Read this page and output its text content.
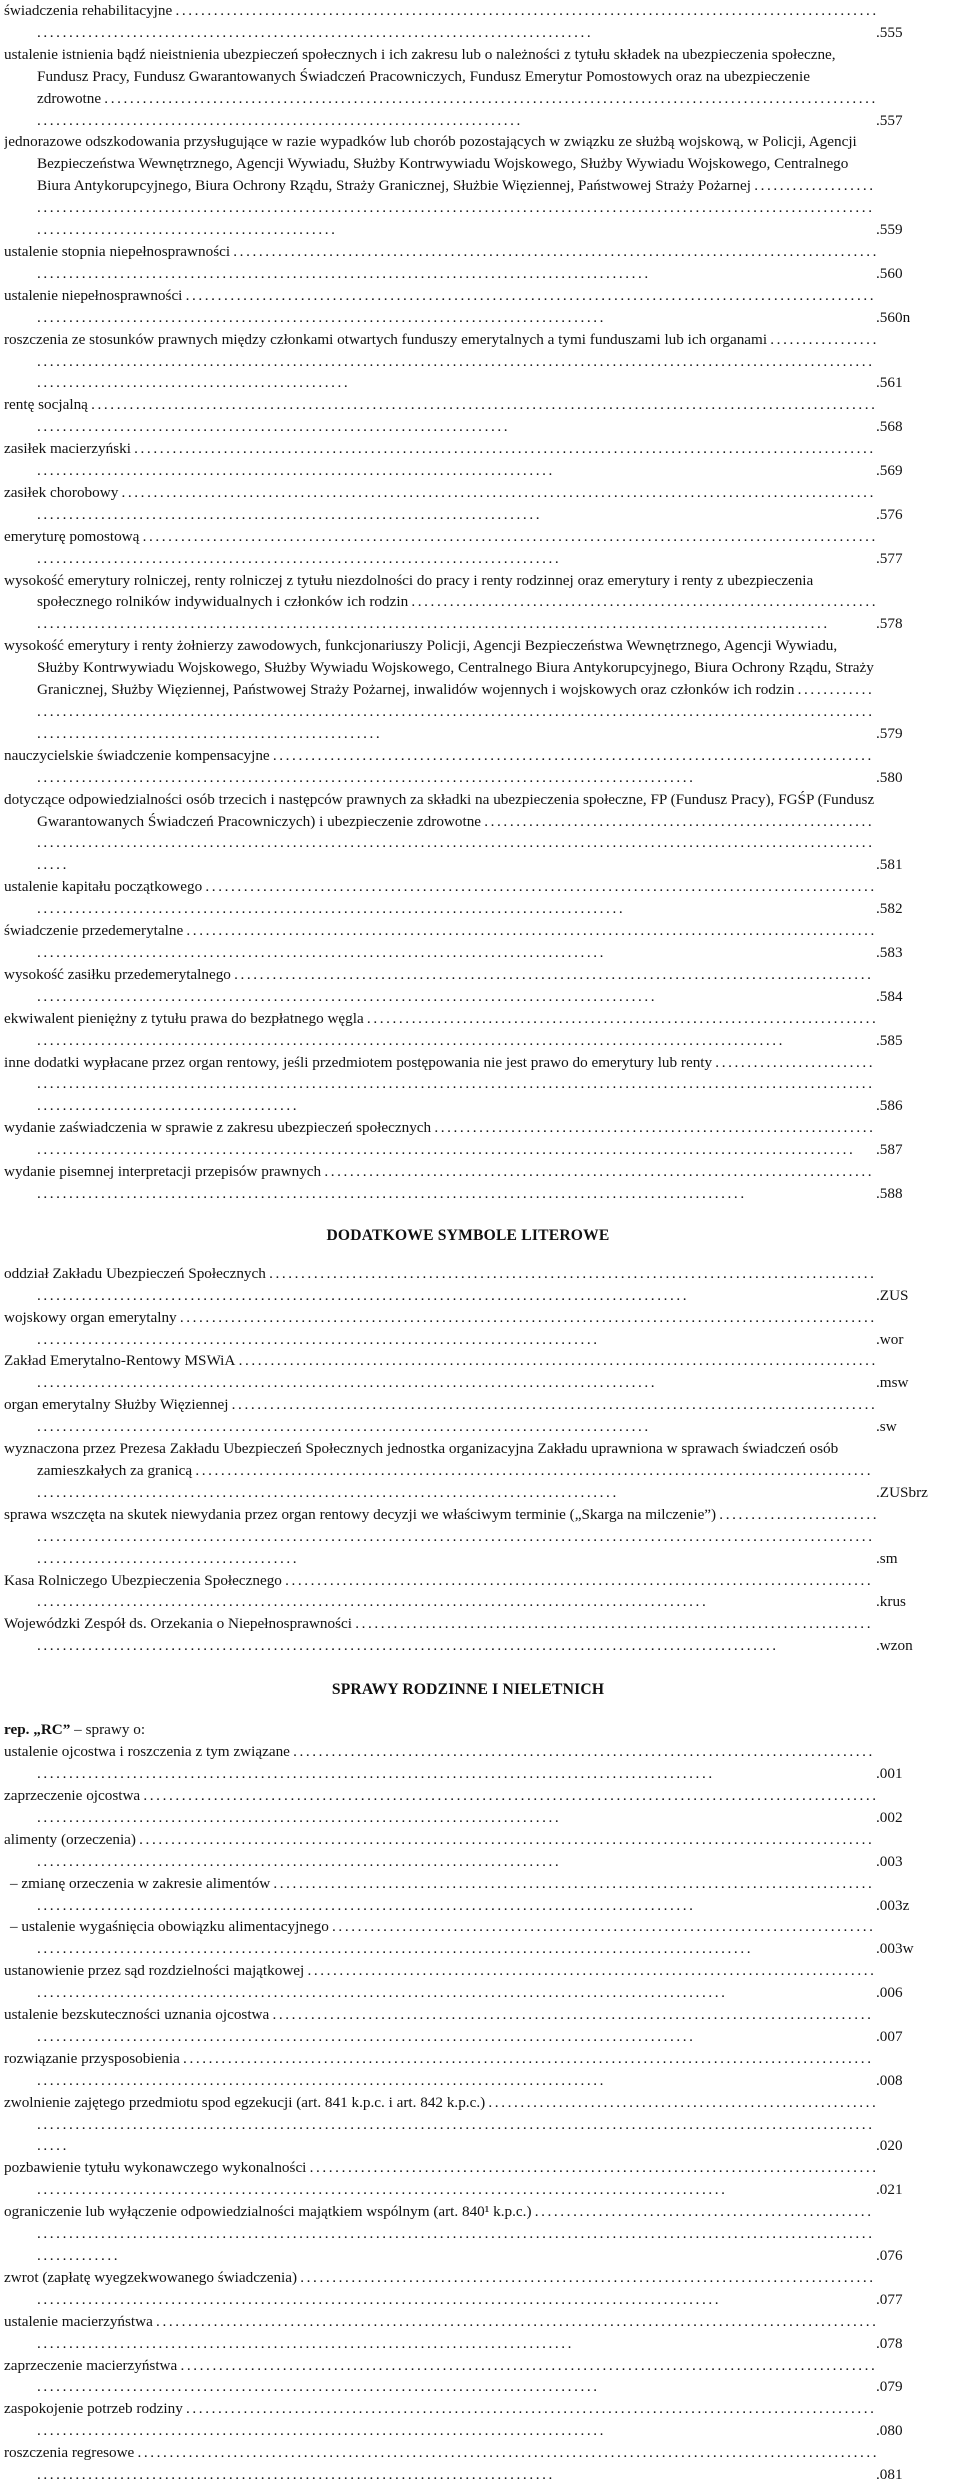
świadczenia rehabilitacyjne . . .
.555
ustalenie istnienia bądź nieistnienia ubezpieczeń społecznych i ich zakresu lub o należności z tytułu składek na ubezpieczenia społeczne, Fundusz Pracy, Fundusz Gwarantowanych Świadczeń Pracowniczych, Fundusz Emerytur Pomostowych oraz na ubezpieczenie zdrowotne . . .
.557
jednorazowe odszkodowania przysługujące w razie wypadków lub chorób pozostających w związku ze służbą wojskową, w Policji, Agencji Bezpieczeństwa Wewnętrznego, Agencji Wywiadu, Służby Kontrwywiadu Wojskowego, Służby Wywiadu Wojskowego, Centralnego Biura Antykorupcyjnego, Biura Ochrony Rządu, Straży Granicznej, Służbie Więziennej, Państwowej Straży Pożarnej . . .
.559
ustalenie stopnia niepełnosprawności . . .
.560
ustalenie niepełnosprawności . . .
.560n
roszczenia ze stosunków prawnych między członkami otwartych funduszy emerytalnych a tymi funduszami lub ich organami . . .
.561
rentę socjalną . . .
.568
zasiłek macierzyński . . .
.569
zasiłek chorobowy . . .
.576
emeryturę pomostową . . .
.577
wysokość emerytury rolniczej, renty rolniczej z tytułu niezdolności do pracy i renty rodzinnej oraz emerytury i renty z ubezpieczenia społecznego rolników indywidualnych i członków ich rodzin . . .
.578
wysokość emerytury i renty żołnierzy zawodowych, funkcjonariuszy Policji, Agencji Bezpieczeństwa Wewnętrznego, Agencji Wywiadu, Służby Kontrwywiadu Wojskowego, Służby Wywiadu Wojskowego, Centralnego Biura Antykorupcyjnego, Biura Ochrony Rządu, Straży Granicznej, Służby Więziennej, Państwowej Straży Pożarnej, inwalidów wojennych i wojskowych oraz członków ich rodzin . . .
.579
nauczycielskie świadczenie kompensacyjne . . .
.580
dotyczące odpowiedzialności osób trzecich i następców prawnych za składki na ubezpieczenia społeczne, FP (Fundusz Pracy), FGŚP (Fundusz Gwarantowanych Świadczeń Pracowniczych) i ubezpieczenie zdrowotne . . .
.581
ustalenie kapitału początkowego . . .
.582
świadczenie przedemerytalne . . .
.583
wysokość zasiłku przedemerytalnego . . .
.584
ekwiwalent pieniężny z tytułu prawa do bezpłatnego węgla . . .
.585
inne dodatki wypłacane przez organ rentowy, jeśli przedmiotem postępowania nie jest prawo do emerytury lub renty . . .
.586
wydanie zaświadczenia w sprawie z zakresu ubezpieczeń społecznych . . .
.587
wydanie pisemnej interpretacji przepisów prawnych . . .
.588
DODATKOWE SYMBOLE LITEROWE
oddział Zakładu Ubezpieczeń Społecznych . . .
.ZUS
wojskowy organ emerytalny . . .
.wor
Zakład Emerytalno-Rentowy MSWiA . . .
.msw
organ emerytalny Służby Więziennej . . .
.sw
wyznaczona przez Prezesa Zakładu Ubezpieczeń Społecznych jednostka organizacyjna Zakładu uprawniona w sprawach świadczeń osób zamieszkałych za granicą . . .
.ZUSbrz
sprawa wszczęta na skutek niewydania przez organ rentowy decyzji we właściwym terminie („Skarga na milczenie”) . . .
.sm
Kasa Rolniczego Ubezpieczenia Społecznego . . .
.krus
Wojewódzki Zespół ds. Orzekania o Niepełnosprawności . . .
.wzon
SPRAWY RODZINNE I NIELETNICH
rep. „RC” – sprawy o:
ustalenie ojcostwa i roszczenia z tym związane . . .
.001
zaprzeczenie ojcostwa . . .
.002
alimenty (orzeczenia) . . .
.003
– zmianę orzeczenia w zakresie alimentów . . .
.003z
– ustalenie wygaśnięcia obowiązku alimentacyjnego . . .
.003w
ustanowienie przez sąd rozdzielności majątkowej . . .
.006
ustalenie bezskuteczności uznania ojcostwa . . .
.007
rozwiązanie przysposobienia . . .
.008
zwolnienie zajętego przedmiotu spod egzekucji (art. 841 k.p.c. i art. 842 k.p.c.) . . .
.020
pozbawienie tytułu wykonawczego wykonalności . . .
.021
ograniczenie lub wyłączenie odpowiedzialności majątkiem wspólnym (art. 840¹ k.p.c.) . . .
.076
zwrot (zapłatę wyegzekwowanego świadczenia) . . .
.077
ustalenie macierzyństwa . . .
.078
zaprzeczenie macierzyństwa . . .
.079
zaspokojenie potrzeb rodziny . . .
.080
roszczenia regresowe . . .
.081
